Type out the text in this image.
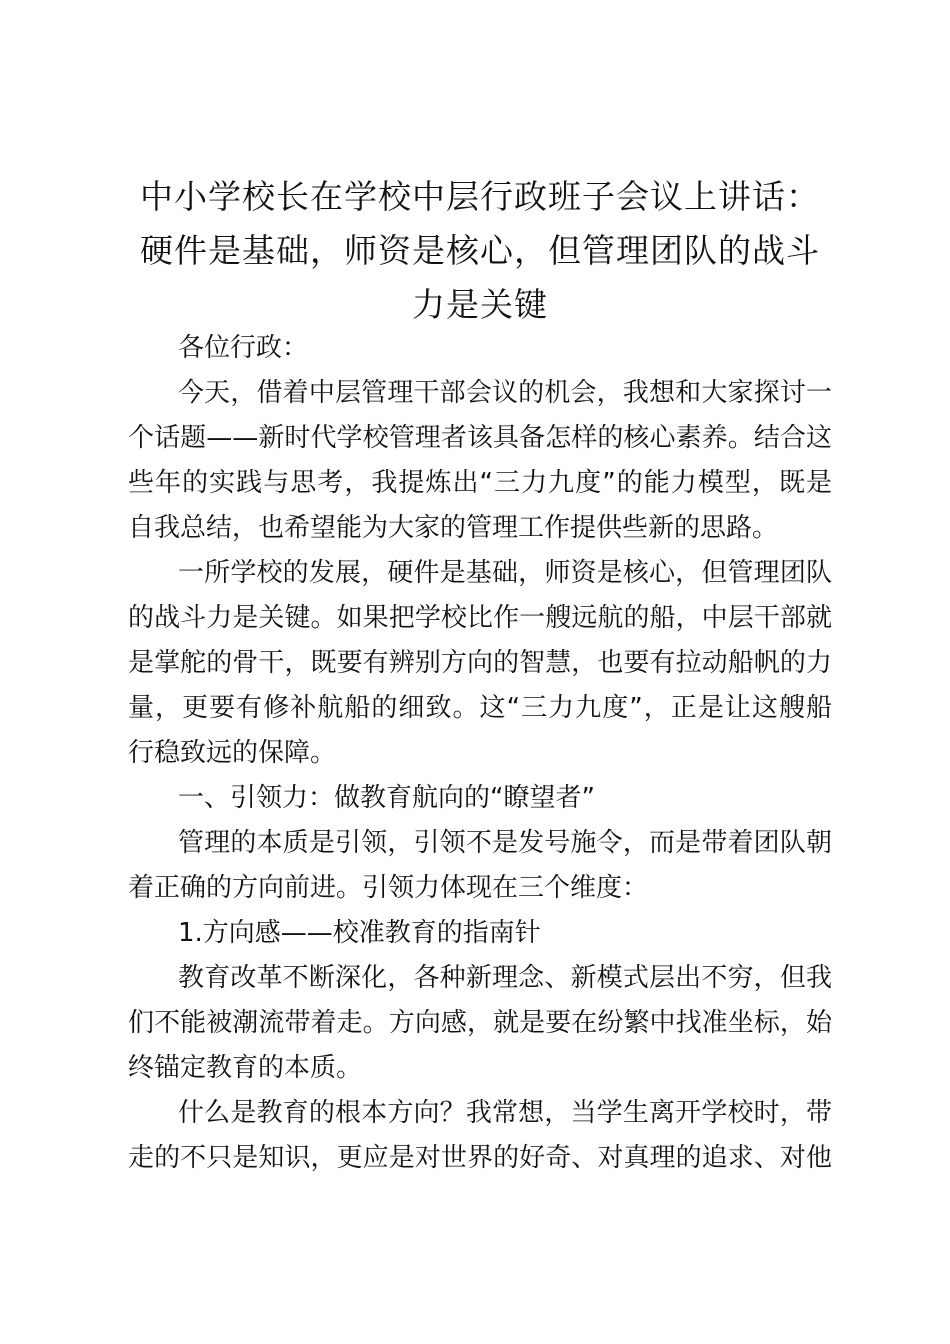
中小学校长在学校中层行政班子会议上讲话：
硬件是基础，师资是核心，但管理团队的战斗
力是关键
各位行政：
今天，借着中层管理干部会议的机会，我想和大家探讨一
个话题——新时代学校管理者该具备怎样的核心素养。结合这
些年的实践与思考，我提炼出“三力九度”的能力模型，既是
自我总结，也希望能为大家的管理工作提供些新的思路。
一所学校的发展，硬件是基础，师资是核心，但管理团队
的战斗力是关键。如果把学校比作一艘远航的船，中层干部就
是掌舵的骨干，既要有辨别方向的智慧，也要有拉动船帆的力
量，更要有修补航船的细致。这“三力九度”，正是让这艘船
行稳致远的保障。
一、引领力：做教育航向的“瞭望者”
管理的本质是引领，引领不是发号施令，而是带着团队朝
着正确的方向前进。引领力体现在三个维度：
1.方向感——校准教育的指南针
教育改革不断深化，各种新理念、新模式层出不穷，但我
们不能被潮流带着走。方向感，就是要在纷繁中找准坐标，始
终锚定教育的本质。
什么是教育的根本方向？我常想，当学生离开学校时，带
走的不只是知识，更应是对世界的好奇、对真理的追求、对他
